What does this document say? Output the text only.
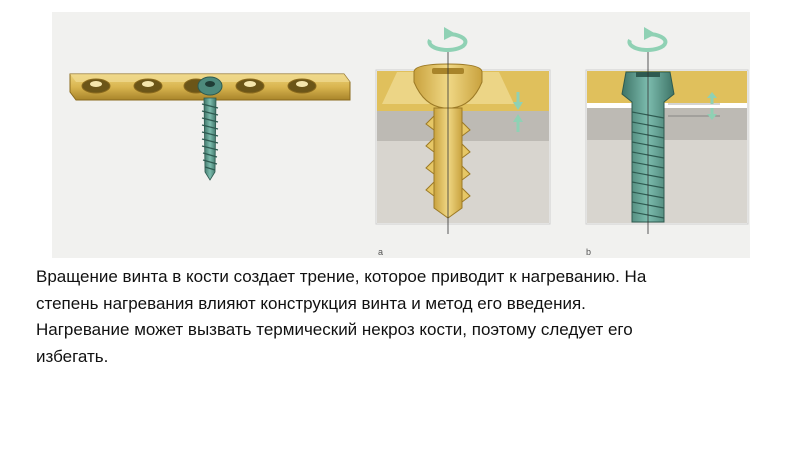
a	b

Вращение винта в кости создает трение, которое приводит к нагреванию. На
степень нагревания влияют конструкция винта и метод его введения.
Нагревание может вызвать термический некроз кости, поэтому следует его
избегать.
